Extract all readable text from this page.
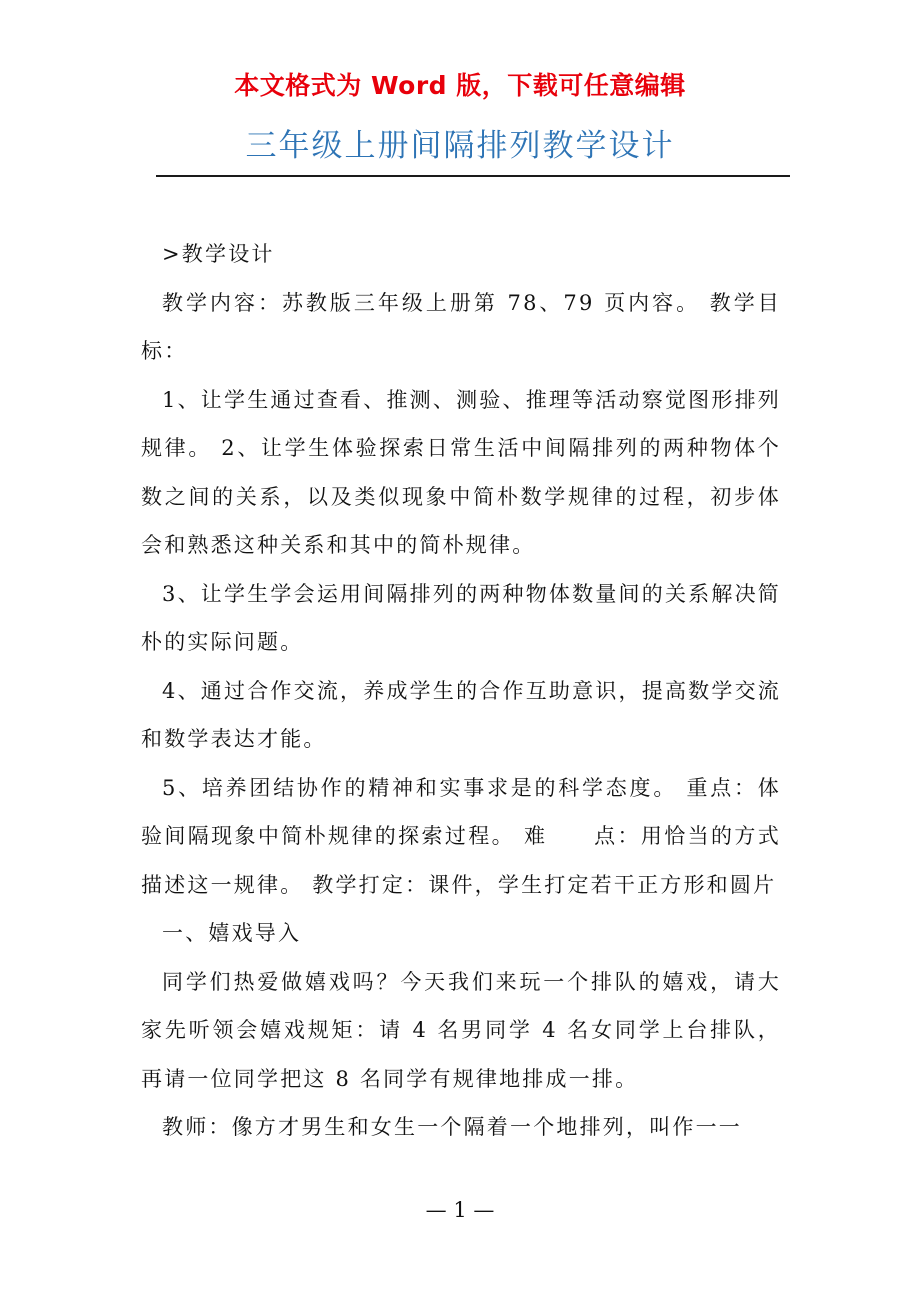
本文格式为 Word 版，下载可任意编辑
三年级上册间隔排列教学设计

>教学设计

教学内容：苏教版三年级上册第 78、79 页内容。 教学目标：

1、让学生通过查看、推测、测验、推理等活动察觉图形排列规律。 2、让学生体验探索日常生活中间隔排列的两种物体个数之间的关系，以及类似现象中简朴数学规律的过程，初步体会和熟悉这种关系和其中的简朴规律。

3、让学生学会运用间隔排列的两种物体数量间的关系解决简朴的实际问题。

4、通过合作交流，养成学生的合作互助意识，提高数学交流和数学表达才能。

5、培养团结协作的精神和实事求是的科学态度。 重点：体验间隔现象中简朴规律的探索过程。 难　　点：用恰当的方式描述这一规律。 教学打定：课件，学生打定若干正方形和圆片

一、嬉戏导入

同学们热爱做嬉戏吗？今天我们来玩一个排队的嬉戏，请大家先听领会嬉戏规矩：请 4 名男同学 4 名女同学上台排队，再请一位同学把这 8 名同学有规律地排成一排。

教师：像方才男生和女生一个隔着一个地排列，叫作一一

— 1 —
